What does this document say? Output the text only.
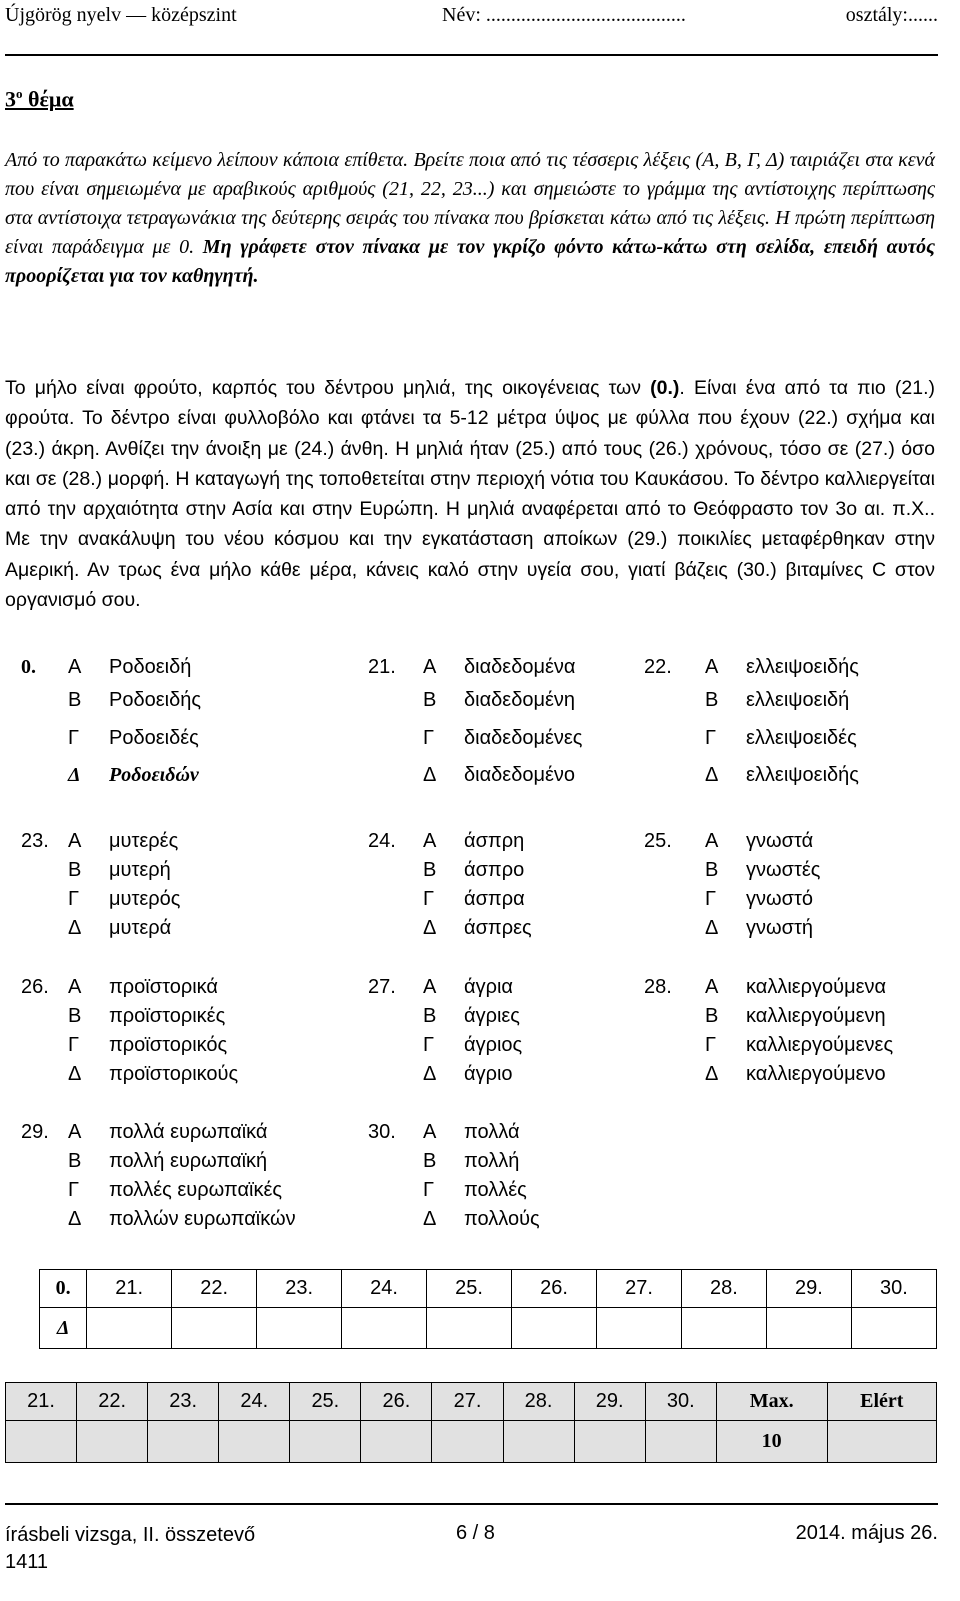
Újgörög nyelv — középszint	Név: ........................................	osztály:......
$3^o$ θέμα
Από το παρακάτω κείμενο λείπουν κάποια επίθετα. Βρείτε ποια από τις τέσσερις λέξεις (Α, Β, Γ, Δ) ταιριάζει στα κενά που είναι σημειωμένα με αραβικούς αριθμούς (21, 22, 23...) και σημειώστε το γράμμα της αντίστοιχης περίπτωσης στα αντίστοιχα τετραγωνάκια της δεύτερης σειράς του πίνακα που βρίσκεται κάτω από τις λέξεις. Η πρώτη περίπτωση είναι παράδειγμα με 0. Μη γράφετε στον πίνακα με τον γκρίζο φόντο κάτω-κάτω στη σελίδα, επειδή αυτός προορίζεται για τον καθηγητή.
Το μήλο είναι φρούτο, καρπός του δέντρου μηλιά, της οικογένειας των (0.). Είναι ένα από τα πιο (21.) φρούτα. Το δέντρο είναι φυλλοβόλο και φτάνει τα 5-12 μέτρα ύψος με φύλλα που έχουν (22.) σχήμα και (23.) άκρη. Ανθίζει την άνοιξη με (24.) άνθη. Η μηλιά ήταν (25.) από τους (26.) χρόνους, τόσο σε (27.) όσο και σε (28.) μορφή. Η καταγωγή της τοποθετείται στην περιοχή νότια του Καυκάσου. Το δέντρο καλλιεργείται από την αρχαιότητα στην Ασία και στην Ευρώπη. Η μηλιά αναφέρεται από το Θεόφραστο τον 3ο αι. π.Χ.. Με την ανακάλυψη του νέου κόσμου και την εγκατάσταση αποίκων (29.) ποικιλίες μεταφέρθηκαν στην Αμερική. Αν τρως ένα μήλο κάθε μέρα, κάνεις καλό στην υγεία σου, γιατί βάζεις (30.) βιταμίνες C στον οργανισμό σου.
0. Α Ροδοειδή
Β Ροδοειδής
Γ Ροδοειδές
Δ Ροδοειδών
21. Α διαδεδομένα
Β διαδεδομένη
Γ διαδεδομένες
Δ διαδεδομένο
22. Α ελλειψοειδής
Β ελλειψοειδή
Γ ελλειψοειδές
Δ ελλειψοειδής
23. Α μυτερές
Β μυτερή
Γ μυτερός
Δ μυτερά
24. Α άσπρη
Β άσπρο
Γ άσπρα
Δ άσπρες
25. Α γνωστά
Β γνωστές
Γ γνωστό
Δ γνωστή
26. Α προϊστορικά
Β προϊστορικές
Γ προϊστορικός
Δ προϊστορικούς
27. Α άγρια
Β άγριες
Γ άγριος
Δ άγριο
28. Α καλλιεργούμενα
Β καλλιεργούμενη
Γ καλλιεργούμενες
Δ καλλιεργούμενο
29. Α πολλά ευρωπαϊκά
Β πολλή ευρωπαϊκή
Γ πολλές ευρωπαϊκές
Δ πολλών ευρωπαϊκών
30. Α πολλά
Β πολλή
Γ πολλές
Δ πολλούς
0.	21.	22.	23.	24.	25.	26.	27.	28.	29.	30.
Δ										
21.	22.	23.	24.	25.	26.	27.	28.	29.	30.	Max.	Elért
										10	
írásbeli vizsga, II. összetevő
1411
6 / 8	2014. május 26.
